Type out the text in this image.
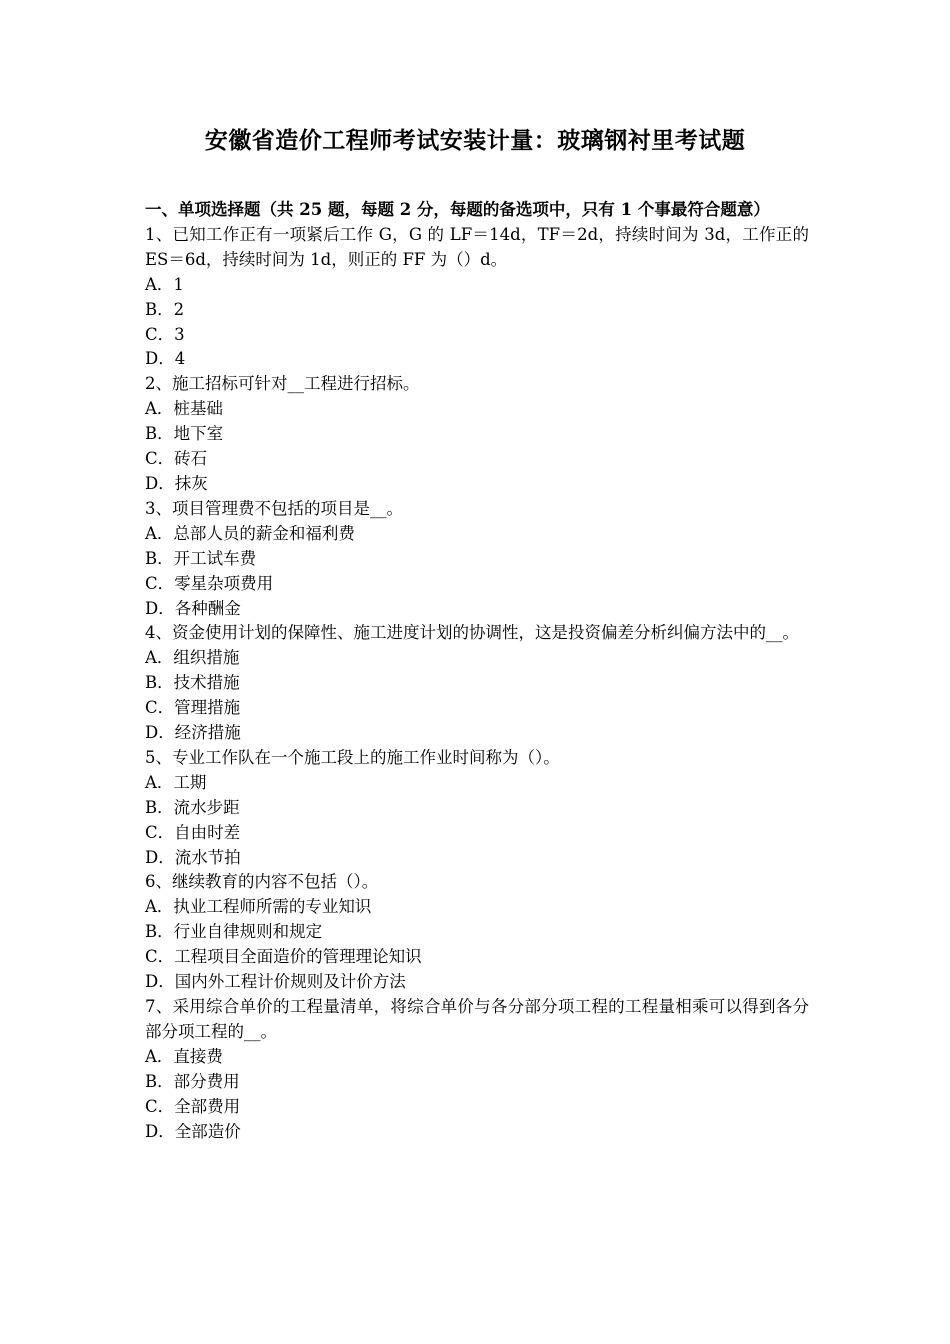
安徽省造价工程师考试安装计量：玻璃钢衬里考试题

一、单项选择题（共 25 题，每题 2 分，每题的备选项中，只有 1 个事最符合题意）

1、已知工作正有一项紧后工作 G，G 的 LF＝14d，TF＝2d，持续时间为 3d，工作正的 ES＝6d，持续时间为 1d，则正的 FF 为（）d。

A．1

B．2

C．3

D．4

2、施工招标可针对__工程进行招标。

A．桩基础

B．地下室

C．砖石

D．抹灰

3、项目管理费不包括的项目是__。

A．总部人员的薪金和福利费

B．开工试车费

C．零星杂项费用

D．各种酬金

4、资金使用计划的保障性、施工进度计划的协调性，这是投资偏差分析纠偏方法中的__。

A．组织措施

B．技术措施

C．管理措施

D．经济措施

5、专业工作队在一个施工段上的施工作业时间称为（）。

A．工期

B．流水步距

C．自由时差

D．流水节拍

6、继续教育的内容不包括（）。

A．执业工程师所需的专业知识

B．行业自律规则和规定

C．工程项目全面造价的管理理论知识

D．国内外工程计价规则及计价方法

7、采用综合单价的工程量清单，将综合单价与各分部分项工程的工程量相乘可以得到各分部分项工程的__。

A．直接费

B．部分费用

C．全部费用

D．全部造价
